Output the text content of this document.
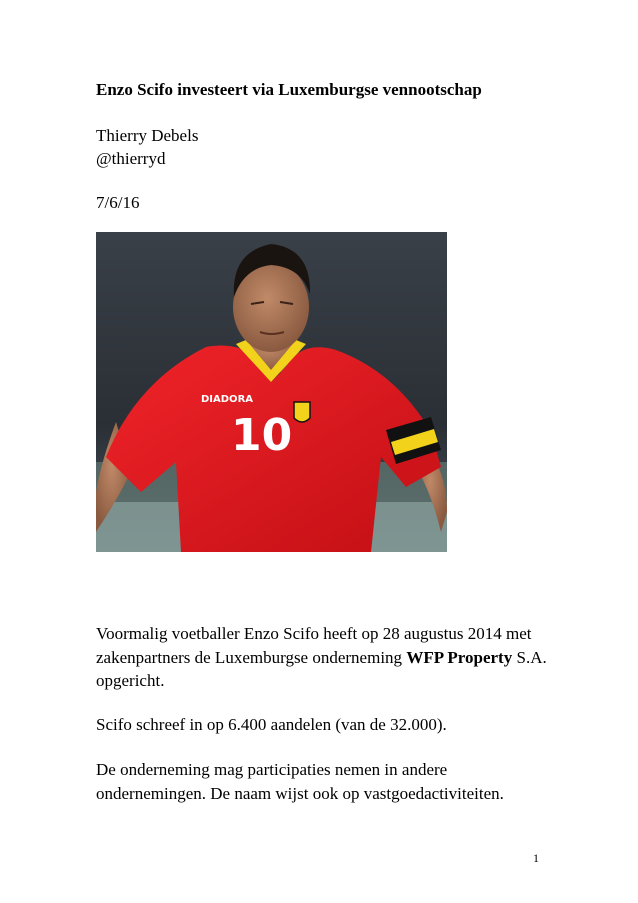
Enzo Scifo investeert via Luxemburgse vennootschap
Thierry Debels
@thierryd
7/6/16
DIADORA
10
Voormalig voetballer Enzo Scifo heeft op 28 augustus 2014 met zakenpartners de Luxemburgse onderneming WFP Property S.A. opgericht.
Scifo schreef in op 6.400 aandelen (van de 32.000).
De onderneming mag participaties nemen in andere ondernemingen. De naam wijst ook op vastgoedactiviteiten.
1
